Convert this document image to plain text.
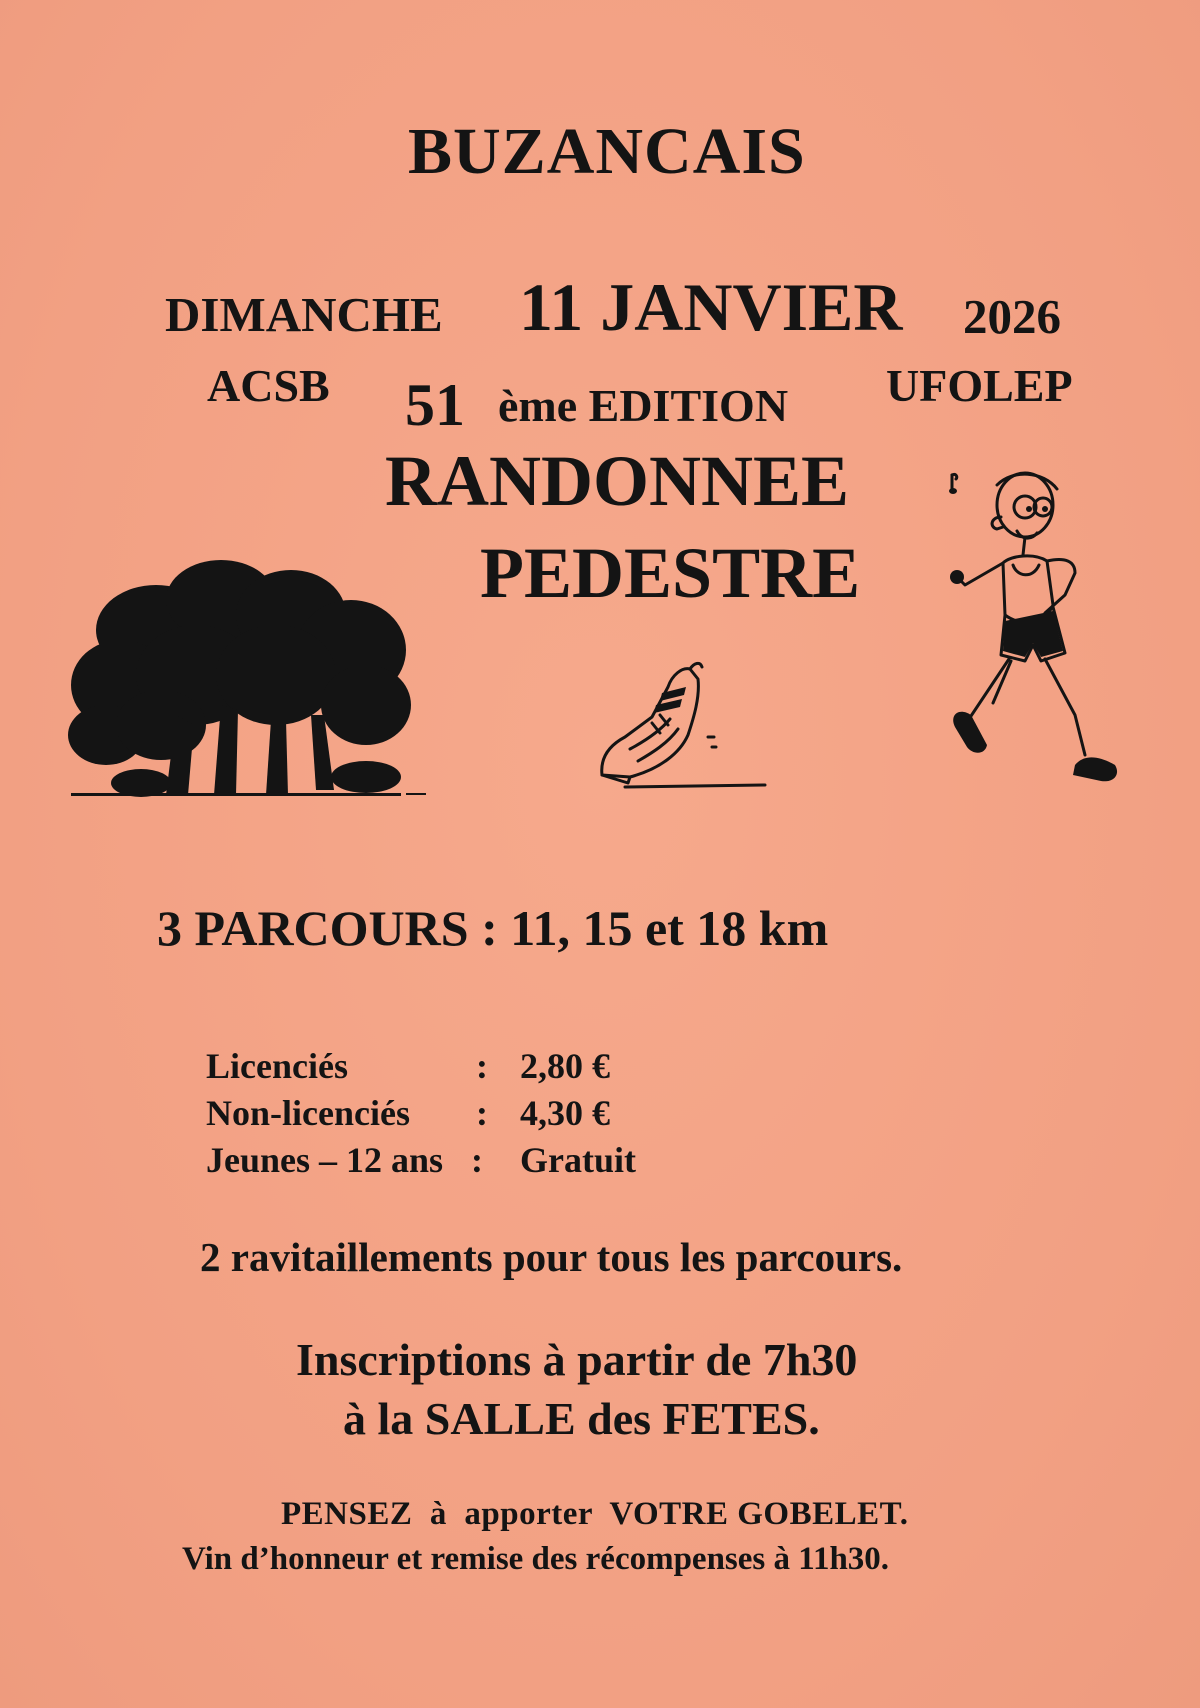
BUZANCAIS
DIMANCHE 11 JANVIER 2026
ACSB 51 ème EDITION UFOLEP
RANDONNEE
PEDESTRE
3 PARCOURS : 11, 15 et 18 km
Licenciés	: 2,80 €
Non-licenciés : 4,30 €
Jeunes – 12 ans : Gratuit
2 ravitaillements pour tous les parcours.
Inscriptions à partir de 7h30
à la SALLE des FETES.
PENSEZ  à  apporter  VOTRE GOBELET.
Vin d’honneur et remise des récompenses à 11h30.
